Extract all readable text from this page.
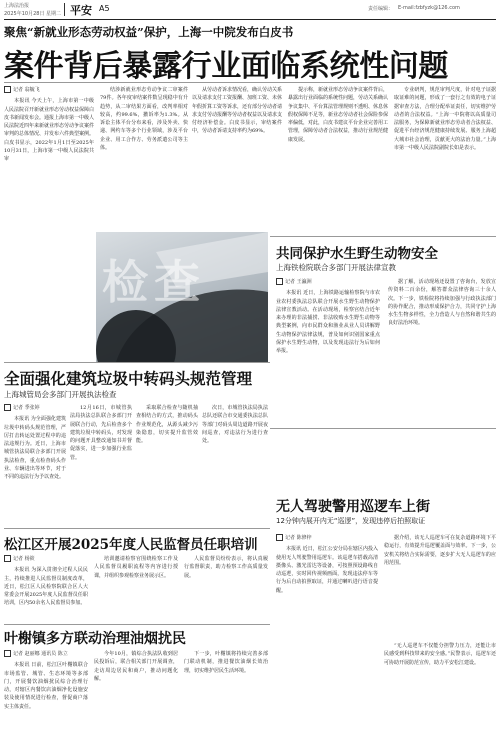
上海法治报
2025年10月28日 星期二 平安 A5	责任编辑： E-mail:fzbfyzk@126.com
聚焦“新就业形态劳动权益”保护，上海一中院发布白皮书
案件背后暴露行业面临系统性问题
记者 翁毓飞

本报讯 今天上午，上海市第一中级人民法院召开新就业形态劳动权益保障白皮书新闻发布会。通报上海市第一中级人民法院近四年来新就业形态劳动争议案件审判的总体情况、并发布六件典型案例。白皮书显示，2022年1月1日至2025年10月31日，上海市第一中级人民法院共审

结涉新就业形态劳动争议二审案件79件。各年度审结案件数呈现稳中有升趋势，从二审结果方面看，改判率相对较高，约99.6%，撤诉率为1.3%。从诉讼主体平台分布来看，涉及外卖、快递、网约车等多个行业领域，涉及平台企业、用工合作方、劳务派遣公司等主体。

从劳动者诉求情况看，确认劳动关系以及请求支付工资报酬、加班工资、未休年假折算工资等诉求，还有部分劳动者请求支付劳动报酬等劳动者权益以及请求支付经济补偿金。白皮书显示，审结案件中，劳动者诉请支持率约为69%。

提示称，新就业形态劳动争议案件背后，暴露出行业面临的系统性问题，劳动关系确认争议集中、平台算法管理规则不透明、休息休假权保障不足等，新业态劳动者社会保险参保率偏低，对此，白皮书建议平台企业完善用工管理，保障劳动者合法权益，推动行业规范健康发展。

专业研判，规范审判尺度，针对电子证据取证难的问题，形成了一套行之有效的电子证据审查方法，合理分配举证责任，切实维护劳动者的合法权益。“上海一中院将以高质量司法服务，为保障新就业形态劳动者合法权益、促进平台经济规范健康持续发展、服务上海超大城市社会治理，贡献更大的法治力量。”上海市第一中级人民法院副院长如是表示。

检查
共同保护水生野生动物安全
上海铁检院联合多部门开展法律宣教
记者 王瀛洲

本报讯 近日，上海铁路运输检察院与市农业农村委执法总队联合开展水生野生动物保护法律宣教活动。在活动现场，检察官结合近年来办理的非法捕捞、非法收购水生野生动物等典型案例，向市民群众和渔业从业人员讲解野生动物保护法律法规，普及如何识别国家重点保护水生野生动物，以及发现违法行为后如何举报。

据了解，活动现场还设置了咨询台，发放宣传资料二百余份，解答群众法律咨询三十余人次。下一步，铁检院将持续加强与行政执法部门的协作配合，推动形成保护合力，共同守护上海水生生物多样性，全力营造人与自然和谐共生的良好法治环境。

全面强化建筑垃圾中转码头规范管理
上海城管局会多部门开展执法检查
记者 季张婷

本报讯 为全面强化建筑垃圾中转码头规范管理，严厉打击转运处置过程中的违法违规行为。近日，上海市城管执法局联合多部门开展执法检查，重点检查码头作业、车辆进出等环节，对于不同的违法行为予以查处。

12月16日，市城管执法局执法总队联合多部门开展联合行动，先后检查多个建筑垃圾中转码头，对发现的问题开具整改通知书并督促落实，进一步加强行业监管。

采取联合检查与随机抽查相结合的方式，推动码头作业规范化，从源头减少污染隐患，切实提升监管效能。

次日，市城管执法局执法总队还联合市交通委执法总队等部门对码头周边道路开展夜间巡查，对违法行为进行查处。

无人驾驶警用巡逻车上街
12分钟内展开内无“巡逻”，发现违停后拍照取证
记者 陈修梓

本报讯 近日，松江公安分局在辖区内投入使用无人驾驶警用巡逻车。该巡逻车搭载高清摄像头、激光雷达等设备，可按照预设路线自动巡逻，实时回传视频画面，发现违法停车等行为后自动拍照取证，并通过喇叭进行语音提醒。

据介绍，该无人巡逻车可在复杂道路环境下平稳运行，有效提升巡逻覆盖面与效率。下一步，公安机关将结合实际需要，逐步扩大无人巡逻车的应用范围。

“无人巡逻车不仅能分担警力压力，还能让市民感受到科技带来的安全感。”民警表示，巡逻车还可协助开展防范宣传，助力平安松江建设。

松江区开展2025年度人民监督员任职培训
记者 杨筱

本报讯 为深入贯彻全过程人民民主，持续推进人民监督员制度改革，近日，松江区人民检察院联合区人大常委会开展2025年度人民监督员任职培训，区内50余名人民监督员参加。

培训邀请检察官围绕检察工作及人民监督员履职流程等内容进行授课，并组织参观检察业务展示区。

人民监督员纷纷表示，将认真履行监督职责，助力检察工作高质量发展。

叶榭镇多方联动治理油烟扰民
记者 赵丽娜 通讯员 陈立

本报讯 日前，松江区叶榭镇联合市场监管、城管、生态环境等多部门，开展餐饮油烟扰民综合治理行动，对辖区内餐饮店油烟净化设施安装及使用情况进行检查，督促商户落实主体责任。

今年10月，镇综合执法队收到居民投诉后，联合相关部门开展调查，走访周边居民和商户，推动问题化解。

下一步，叶榭镇将持续完善多部门联动机制，推进餐饮油烟长效治理，切实维护居民生活环境。
